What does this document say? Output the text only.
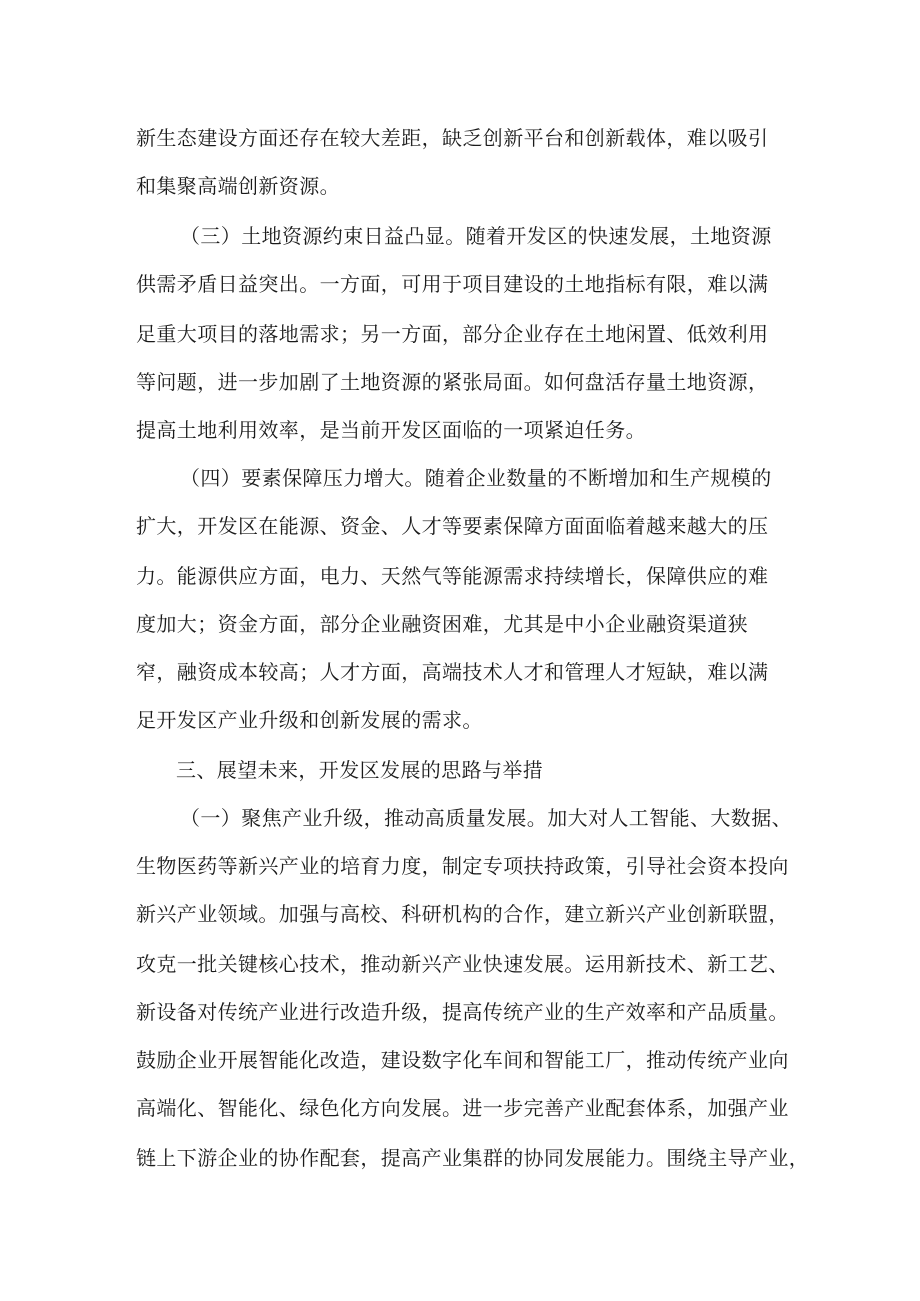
新生态建设方面还存在较大差距，缺乏创新平台和创新载体，难以吸引

和集聚高端创新资源。

（三）土地资源约束日益凸显。随着开发区的快速发展，土地资源

供需矛盾日益突出。一方面，可用于项目建设的土地指标有限，难以满

足重大项目的落地需求；另一方面，部分企业存在土地闲置、低效利用

等问题，进一步加剧了土地资源的紧张局面。如何盘活存量土地资源，

提高土地利用效率，是当前开发区面临的一项紧迫任务。

（四）要素保障压力增大。随着企业数量的不断增加和生产规模的

扩大，开发区在能源、资金、人才等要素保障方面面临着越来越大的压

力。能源供应方面，电力、天然气等能源需求持续增长，保障供应的难

度加大；资金方面，部分企业融资困难，尤其是中小企业融资渠道狭

窄，融资成本较高；人才方面，高端技术人才和管理人才短缺，难以满

足开发区产业升级和创新发展的需求。

三、展望未来，开发区发展的思路与举措

（一）聚焦产业升级，推动高质量发展。加大对人工智能、大数据、

生物医药等新兴产业的培育力度，制定专项扶持政策，引导社会资本投向

新兴产业领域。加强与高校、科研机构的合作，建立新兴产业创新联盟，

攻克一批关键核心技术，推动新兴产业快速发展。运用新技术、新工艺、

新设备对传统产业进行改造升级，提高传统产业的生产效率和产品质量。

鼓励企业开展智能化改造，建设数字化车间和智能工厂，推动传统产业向

高端化、智能化、绿色化方向发展。进一步完善产业配套体系，加强产业

链上下游企业的协作配套，提高产业集群的协同发展能力。围绕主导产业，
